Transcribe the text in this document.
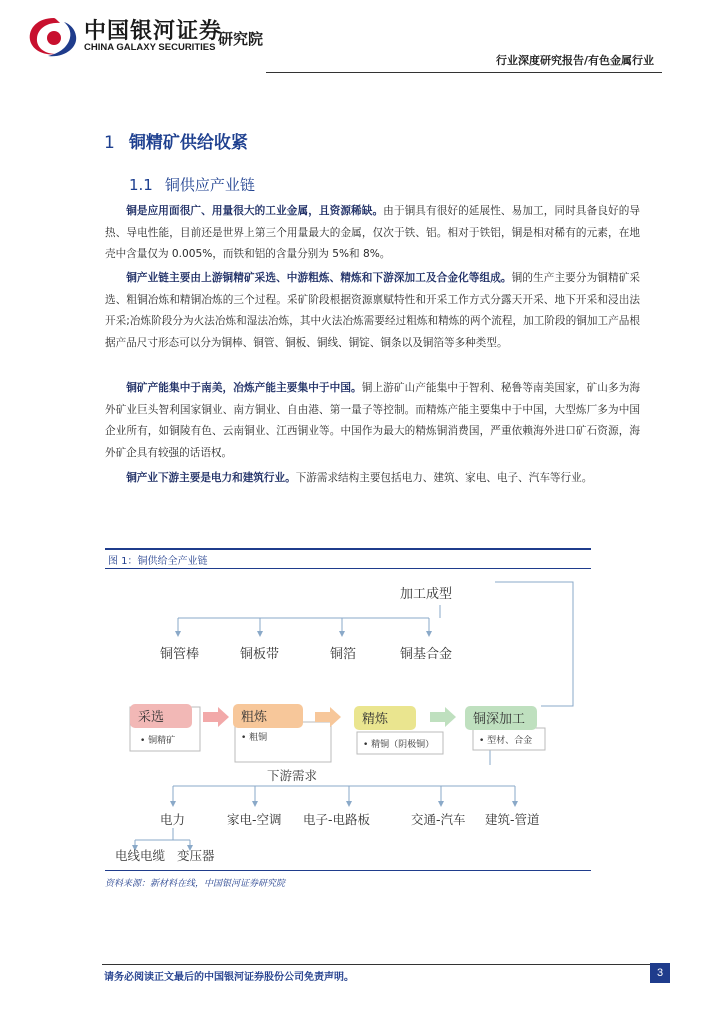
中国银河证券
CHINA GALAXY SECURITIES 研究院
行业深度研究报告/有色金属行业
1 铜精矿供给收紧
1.1 铜供应产业链
铜是应用面很广、用量很大的工业金属，且资源稀缺。由于铜具有很好的延展性、易加工，同时具备良好的导热、导电性能，目前还是世界上第三个用量最大的金属，仅次于铁、铝。相对于铁铝，铜是相对稀有的元素，在地壳中含量仅为 0.005%，而铁和铝的含量分别为 5%和 8%。
铜产业链主要由上游铜精矿采选、中游粗炼、精炼和下游深加工及合金化等组成。铜的生产主要分为铜精矿采选、粗铜冶炼和精铜冶炼的三个过程。采矿阶段根据资源禀赋特性和开采工作方式分露天开采、地下开采和浸出法开采;冶炼阶段分为火法冶炼和湿法冶炼，其中火法冶炼需要经过粗炼和精炼的两个流程，加工阶段的铜加工产品根据产品尺寸形态可以分为铜棒、铜管、铜板、铜线、铜锭、铜条以及铜箔等多种类型。
铜矿产能集中于南美，冶炼产能主要集中于中国。铜上游矿山产能集中于智利、秘鲁等南美国家，矿山多为海外矿业巨头智利国家铜业、南方铜业、自由港、第一量子等控制。而精炼产能主要集中于中国，大型炼厂多为中国企业所有，如铜陵有色、云南铜业、江西铜业等。中国作为最大的精炼铜消费国，严重依赖海外进口矿石资源，海外矿企具有较强的话语权。
铜产业下游主要是电力和建筑行业。下游需求结构主要包括电力、建筑、家电、电子、汽车等行业。
图 1：铜供给全产业链
加工成型
铜管棒	铜板带	铜箔	铜基合金
采选
• 铜精矿
粗炼
• 粗铜
精炼
• 精铜（阴极铜）
铜深加工
• 型材、合金
下游需求
电力	家电-空调 电子-电路板	交通-汽车 建筑-管道
电线电缆 变压器
资料来源：新材料在线，中国银河证券研究院
请务必阅读正文最后的中国银河证券股份公司免责声明。	3
